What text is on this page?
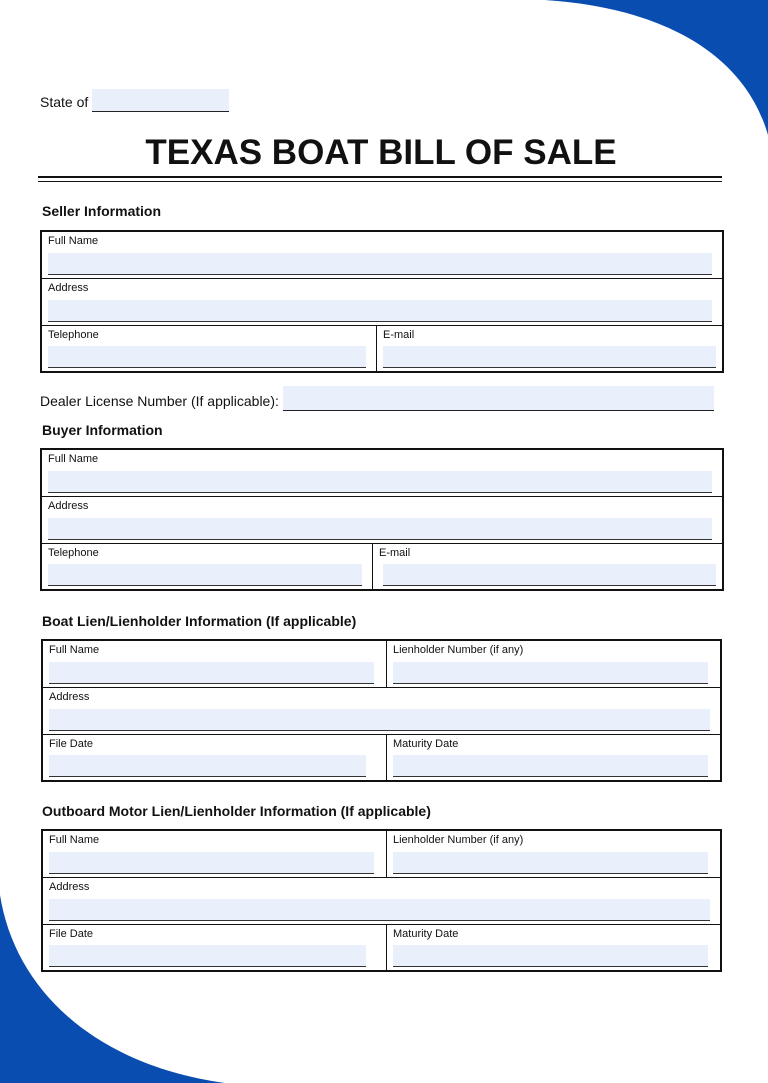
State of
TEXAS BOAT BILL OF SALE
Seller Information
Full Name
Address
Telephone	E-mail
Dealer License Number (If applicable):
Buyer Information
Full Name
Address
Telephone	E-mail
Boat Lien/Lienholder Information (If applicable)
Full Name	Lienholder Number (if any)
Address
File Date	Maturity Date
Outboard Motor Lien/Lienholder Information (If applicable)
Full Name	Lienholder Number (if any)
Address
File Date	Maturity Date
